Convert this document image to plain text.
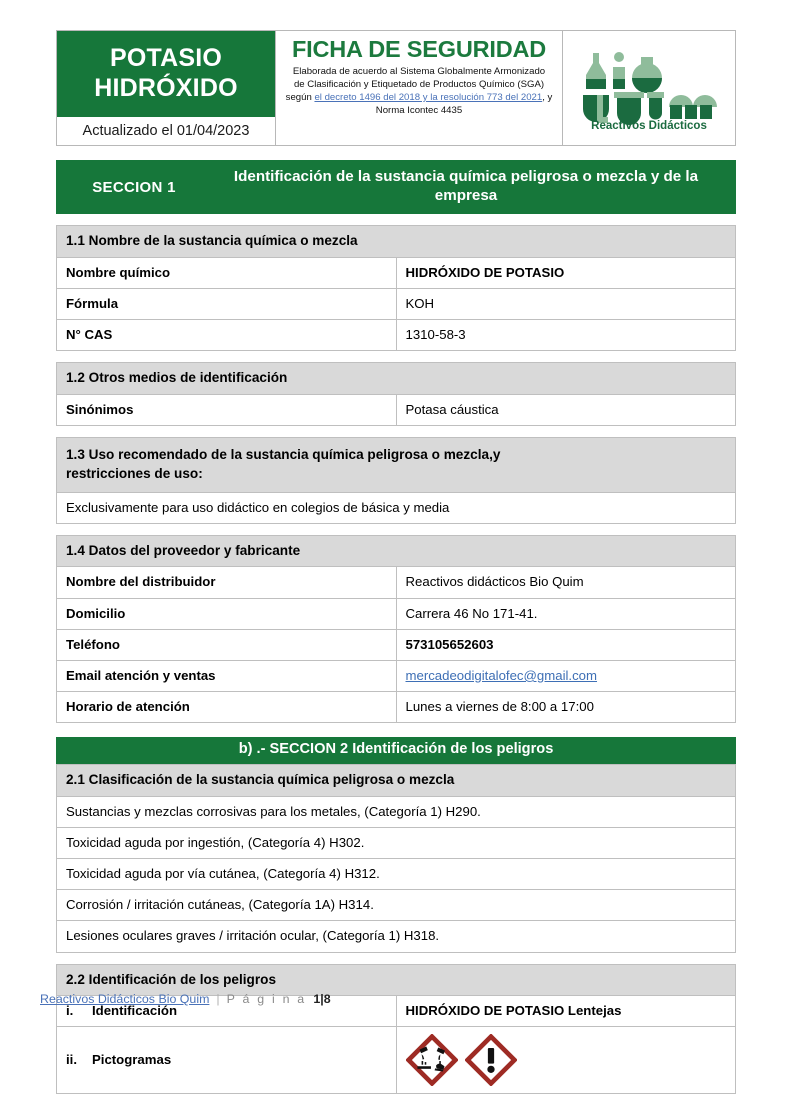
POTASIO
HIDRÓXIDO
Actualizado el 01/04/2023
FICHA DE SEGURIDAD
Elaborada de acuerdo al Sistema Globalmente Armonizado
de Clasificación y Etiquetado de Productos Químico (SGA)
según el decreto 1496 del 2018 y la resolución 773 del 2021, y Norma Icontec 4435
Reactivos Didácticos
SECCION 1
Identificación de la sustancia química peligrosa o mezcla y de la empresa
1.1 Nombre de la sustancia química o mezcla	
Nombre químico	HIDRÓXIDO DE POTASIO
Fórmula	KOH
N° CAS	1310-58-3
1.2 Otros medios de identificación
Sinónimos	Potasa cáustica
1.3 Uso recomendado de la sustancia química peligrosa o mezcla,y
restricciones de uso:
Exclusivamente para uso didáctico en colegios de básica y media
1.4 Datos del proveedor y fabricante	
Nombre del distribuidor	Reactivos didácticos Bio Quim
Domicilio	Carrera 46 No 171-41.
Teléfono	573105652603
Email atención y ventas	mercadeodigitalofec@gmail.com
Horario de atención	Lunes a viernes de 8:00 a 17:00
b) .- SECCION 2 Identificación de los peligros
2.1 Clasificación de la sustancia química peligrosa o mezcla
Sustancias y mezclas corrosivas para los metales, (Categoría 1) H290.
Toxicidad aguda por ingestión, (Categoría 4) H302.
Toxicidad aguda por vía cutánea, (Categoría 4) H312.
Corrosión / irritación cutáneas, (Categoría 1A) H314.
Lesiones oculares graves / irritación ocular, (Categoría 1) H318.
2.2 Identificación de los peligros	
i. Identificación	HIDRÓXIDO DE POTASIO Lentejas
ii. Pictogramas	
Reactivos Didácticos Bio Quim | P á g i n a 1|8
